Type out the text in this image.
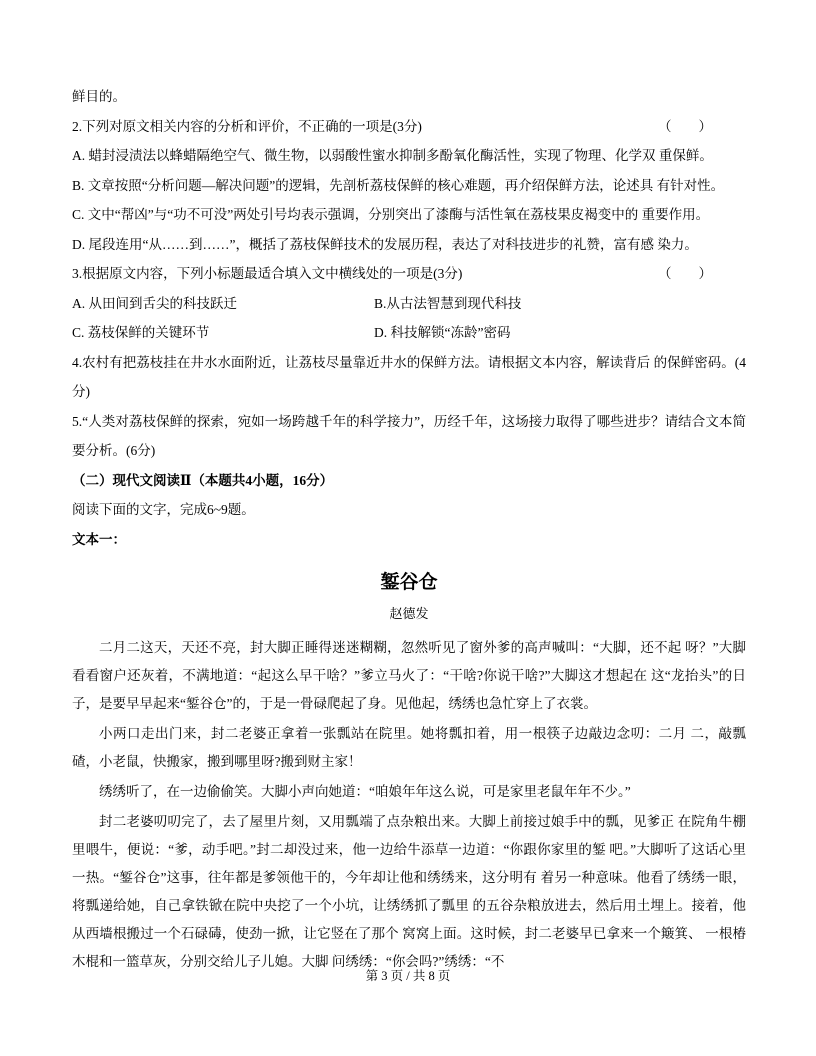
鲜目的。

2.下列对原文相关内容的分析和评价，不正确的一项是(3分)	（　　）

A. 蜡封浸渍法以蜂蜡隔绝空气、微生物，以弱酸性蜜水抑制多酚氧化酶活性，实现了物理、化学双 重保鲜。

B. 文章按照“分析问题—解决问题”的逻辑，先剖析荔枝保鲜的核心难题，再介绍保鲜方法，论述具 有针对性。

C. 文中“帮凶”与“功不可没”两处引号均表示强调，分别突出了漆酶与活性氧在荔枝果皮褐变中的 重要作用。

D. 尾段连用“从……到……”，概括了荔枝保鲜技术的发展历程，表达了对科技进步的礼赞，富有感 染力。

3.根据原文内容，下列小标题最适合填入文中横线处的一项是(3分)	（　　）
A. 从田间到舌尖的科技跃迁	B.从古法智慧到现代科技
C. 荔枝保鲜的关键环节	D. 科技解锁“冻龄”密码

4.农村有把荔枝挂在井水水面附近，让荔枝尽量靠近井水的保鲜方法。请根据文本内容，解读背后 的保鲜密码。(4分)

5.“人类对荔枝保鲜的探索，宛如一场跨越千年的科学接力”，历经千年，这场接力取得了哪些进步？请结合文本简要分析。(6分)

（二）现代文阅读Ⅱ（本题共4小题，16分）

阅读下面的文字，完成6~9题。

文本一：

錾谷仓

赵德发

二月二这天，天还不亮，封大脚正睡得迷迷糊糊，忽然听见了窗外爹的高声喊叫：“大脚，还不起 呀？”大脚看看窗户还灰着，不满地道：“起这么早干啥？”爹立马火了：“干啥?你说干啥?”大脚这才想起在 这“龙抬头”的日子，是要早早起来“錾谷仓”的，于是一骨碌爬起了身。见他起，绣绣也急忙穿上了衣裳。

小两口走出门来，封二老婆正拿着一张瓢站在院里。她将瓢扣着，用一根筷子边敲边念叨：二月 二，敲瓢碴，小老鼠，快搬家，搬到哪里呀?搬到财主家！

绣绣听了，在一边偷偷笑。大脚小声向她道：“咱娘年年这么说，可是家里老鼠年年不少。”

封二老婆叨叨完了，去了屋里片刻，又用瓢端了点杂粮出来。大脚上前接过娘手中的瓢，见爹正 在院角牛棚里喂牛，便说：“爹，动手吧。”封二却没过来，他一边给牛添草一边道：“你跟你家里的錾 吧。”大脚听了这话心里一热。“錾谷仓”这事，往年都是爹领他干的，今年却让他和绣绣来，这分明有 着另一种意味。他看了绣绣一眼，将瓢递给她，自己拿铁锨在院中央挖了一个小坑，让绣绣抓了瓢里 的五谷杂粮放进去，然后用土埋上。接着，他从西墙根搬过一个石碌碡，使劲一掀，让它竖在了那个 窝窝上面。这时候，封二老婆早已拿来一个簸箕、 一根椿木棍和一篮草灰，分别交给儿子儿媳。大脚 问绣绣：“你会吗?”绣绣：“不

第 3 页 / 共 8 页
